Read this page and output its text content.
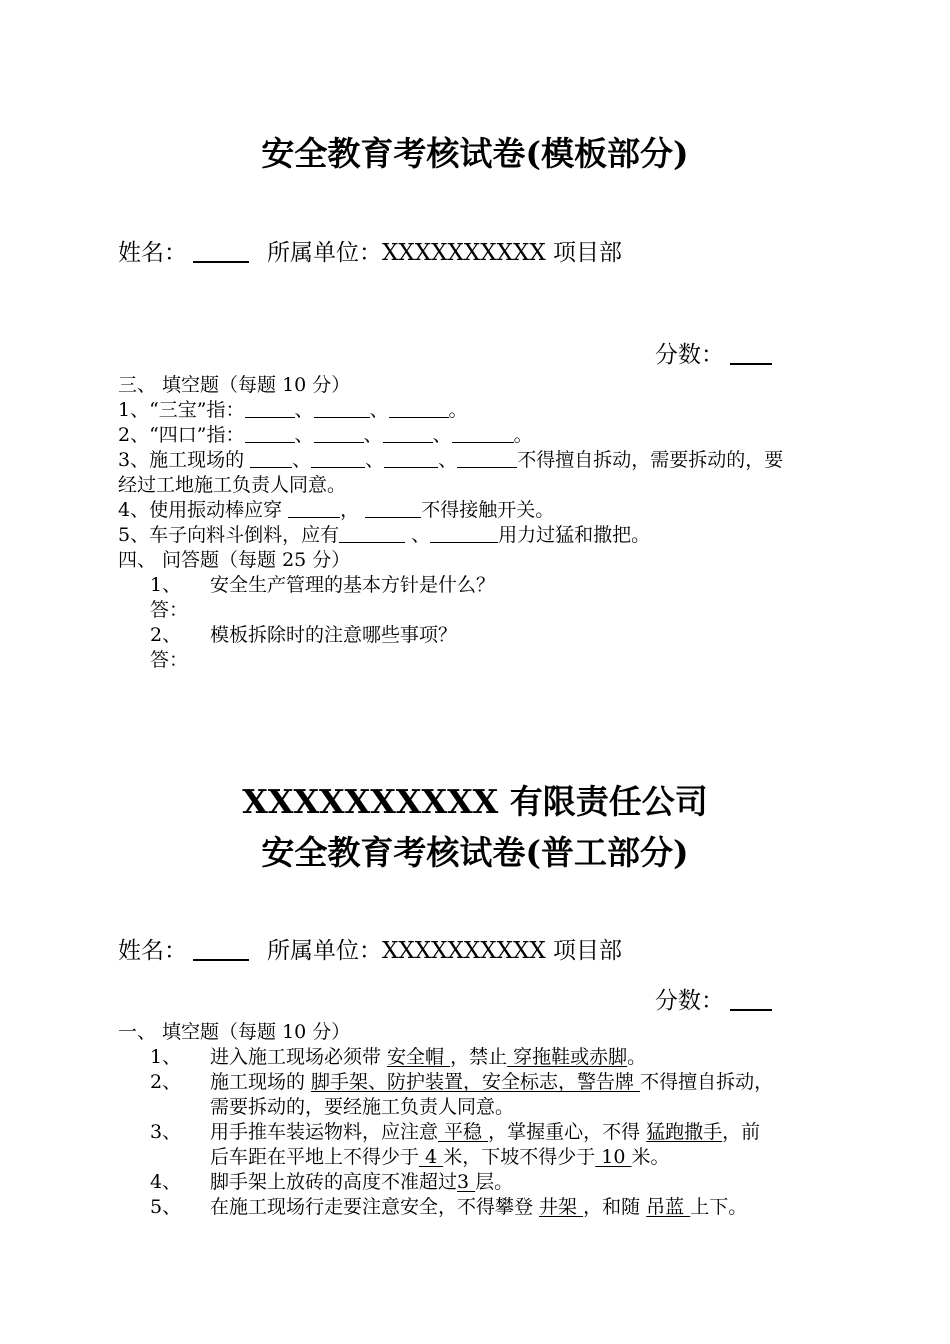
安全教育考核试卷(模板部分)
姓名：	所属单位：XXXXXXXXXX 项目部
分数：
三、 填空题（每题 10 分）
1、“三宝”指：	、	、	。
2、“四口”指：	、	、	、	。
3、施工现场的 、	、	、	不得擅自拆动，需要拆动的，要
经过工地施工负责人同意。
4、使用振动棒应穿	，	不得接触开关。
5、车子向料斗倒料，应有	、	用力过猛和撒把。
四、 问答题（每题 25 分）
1、 安全生产管理的基本方针是什么？
答：
2、 模板拆除时的注意哪些事项？
答：
XXXXXXXXXX 有限责任公司
安全教育考核试卷(普工部分)
姓名：	所属单位：XXXXXXXXXX 项目部
分数：
一、 填空题（每题 10 分）
1、 进入施工现场必须带 安全帽 ，禁止 穿拖鞋或赤脚。
2、 施工现场的 脚手架、防护装置，安全标志，警告牌 不得擅自拆动，
需要拆动的，要经施工负责人同意。
3、 用手推车装运物料，应注意 平稳 ，掌握重心，不得 猛跑撒手，前
后车距在平地上不得少于 4 米，下坡不得少于 10 米。
4、 脚手架上放砖的高度不准超过3 层。
5、 在施工现场行走要注意安全，不得攀登 井架 ，和随 吊蓝 上下。
